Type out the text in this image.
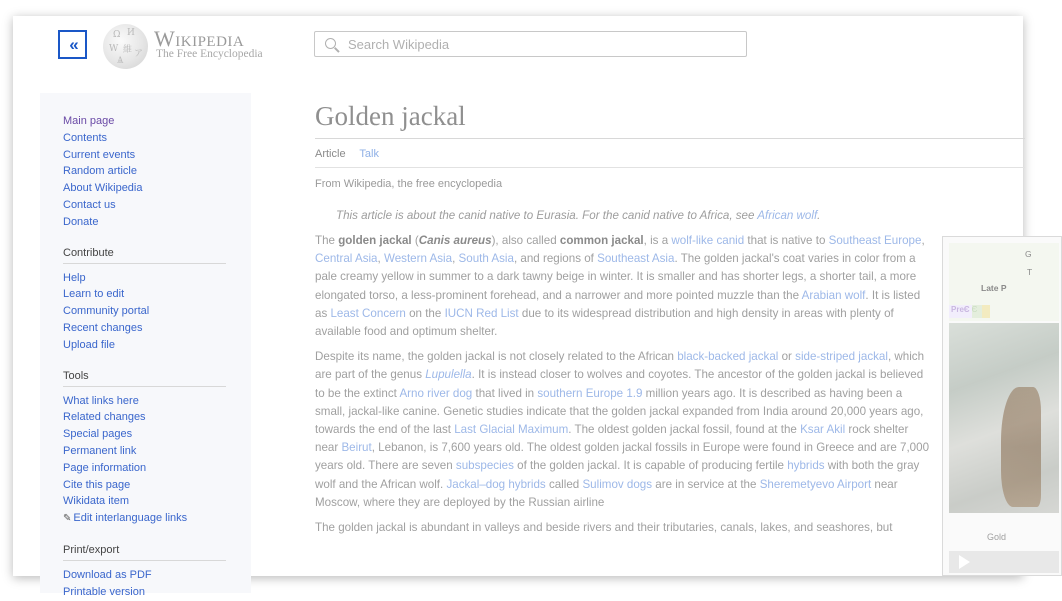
«	Ω И
W 維 ア
Ѧ
Wikipedia
The Free Encyclopedia
Search Wikipedia
Main page
Contents
Current events
Random article
About Wikipedia
Contact us
Donate
Contribute
Help
Learn to edit
Community portal
Recent changes
Upload file
Tools
What links here
Related changes
Special pages
Permanent link
Page information
Cite this page
Wikidata item
✎ Edit interlanguage links
Print/export
Download as PDF
Printable version
Golden jackal
Article Talk
From Wikipedia, the free encyclopedia
This article is about the canid native to Eurasia. For the canid native to Africa, see African wolf.

The golden jackal (Canis aureus), also called common jackal, is a wolf-like canid that is native to Southeast Europe, Central Asia, Western Asia, South Asia, and regions of Southeast Asia. The golden jackal's coat varies in color from a pale creamy yellow in summer to a dark tawny beige in winter. It is smaller and has shorter legs, a shorter tail, a more elongated torso, a less-prominent forehead, and a narrower and more pointed muzzle than the Arabian wolf. It is listed as Least Concern on the IUCN Red List due to its widespread distribution and high density in areas with plenty of available food and optimum shelter.

Despite its name, the golden jackal is not closely related to the African black-backed jackal or side-striped jackal, which are part of the genus Lupulella. It is instead closer to wolves and coyotes. The ancestor of the golden jackal is believed to be the extinct Arno river dog that lived in southern Europe 1.9 million years ago. It is described as having been a small, jackal-like canine. Genetic studies indicate that the golden jackal expanded from India around 20,000 years ago, towards the end of the last Last Glacial Maximum. The oldest golden jackal fossil, found at the Ksar Akil rock shelter near Beirut, Lebanon, is 7,600 years old. The oldest golden jackal fossils in Europe were found in Greece and are 7,000 years old. There are seven subspecies of the golden jackal. It is capable of producing fertile hybrids with both the gray wolf and the African wolf. Jackal–dog hybrids called Sulimov dogs are in service at the Sheremetyevo Airport near Moscow, where they are deployed by the Russian airline

The golden jackal is abundant in valleys and beside rivers and their tributaries, canals, lakes, and seashores, but

G
T
Late P
PreЄ Є
Gold
